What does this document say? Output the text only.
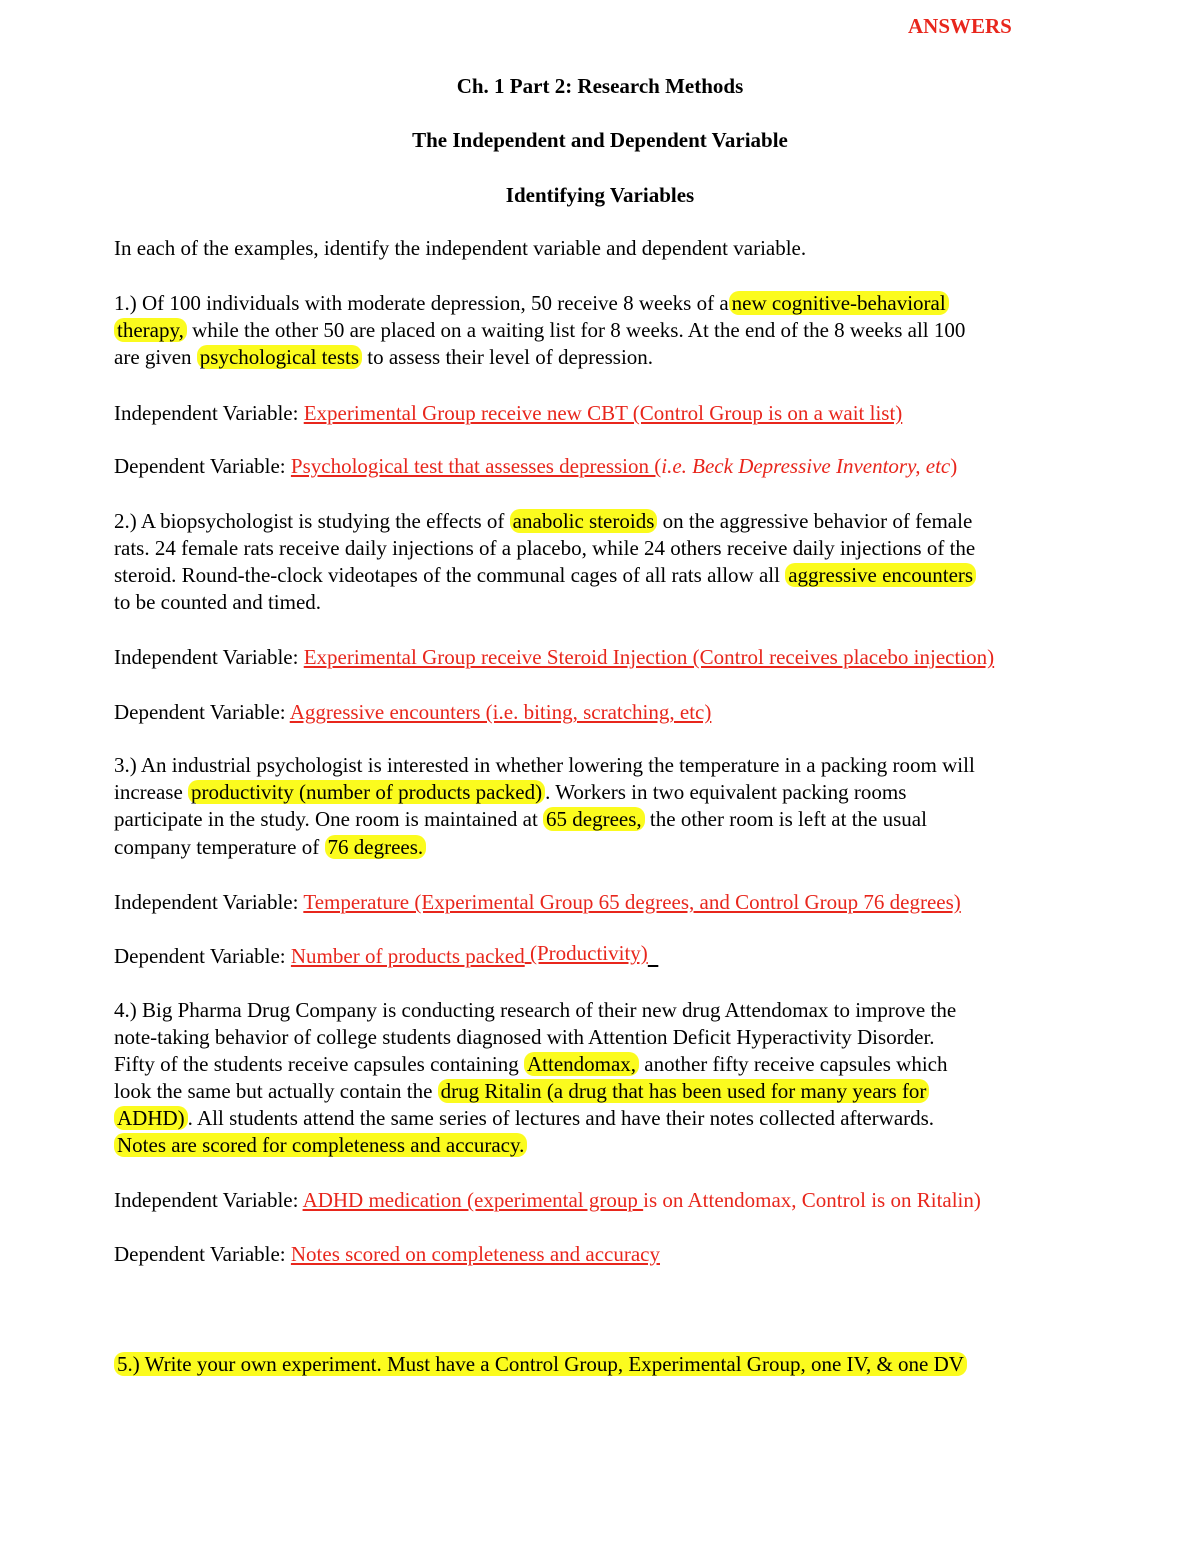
ANSWERS
Ch. 1 Part 2: Research Methods
The Independent and Dependent Variable
Identifying Variables
In each of the examples, identify the independent variable and dependent variable.
1.) Of 100 individuals with moderate depression, 50 receive 8 weeks of a new cognitive-behavioral
therapy, while the other 50 are placed on a waiting list for 8 weeks. At the end of the 8 weeks all 100
are given psychological tests to assess their level of depression.
Independent Variable: Experimental Group receive new CBT (Control Group is on a wait list)
Dependent Variable: Psychological test that assesses depression (i.e. Beck Depressive Inventory, etc)
2.) A biopsychologist is studying the effects of anabolic steroids on the aggressive behavior of female
rats. 24 female rats receive daily injections of a placebo, while 24 others receive daily injections of the
steroid. Round-the-clock videotapes of the communal cages of all rats allow all aggressive encounters
to be counted and timed.
Independent Variable: Experimental Group receive Steroid Injection (Control receives placebo injection)
Dependent Variable: Aggressive encounters (i.e. biting, scratching, etc)
3.) An industrial psychologist is interested in whether lowering the temperature in a packing room will
increase productivity (number of products packed) . Workers in two equivalent packing rooms
participate in the study. One room is maintained at 65 degrees, the other room is left at the usual
company temperature of 76 degrees.
Independent Variable: Temperature (Experimental Group 65 degrees, and Control Group 76 degrees)
Dependent Variable: Number of products packed (Productivity)
4.) Big Pharma Drug Company is conducting research of their new drug Attendomax to improve the
note-taking behavior of college students diagnosed with Attention Deficit Hyperactivity Disorder.
Fifty of the students receive capsules containing Attendomax, another fifty receive capsules which
look the same but actually contain the drug Ritalin (a drug that has been used for many years for
ADHD) . All students attend the same series of lectures and have their notes collected afterwards.
Notes are scored for completeness and accuracy.
Independent Variable: ADHD medication (experimental group is on Attendomax, Control is on Ritalin)
Dependent Variable: Notes scored on completeness and accuracy
5.) Write your own experiment. Must have a Control Group, Experimental Group, one IV, & one DV
